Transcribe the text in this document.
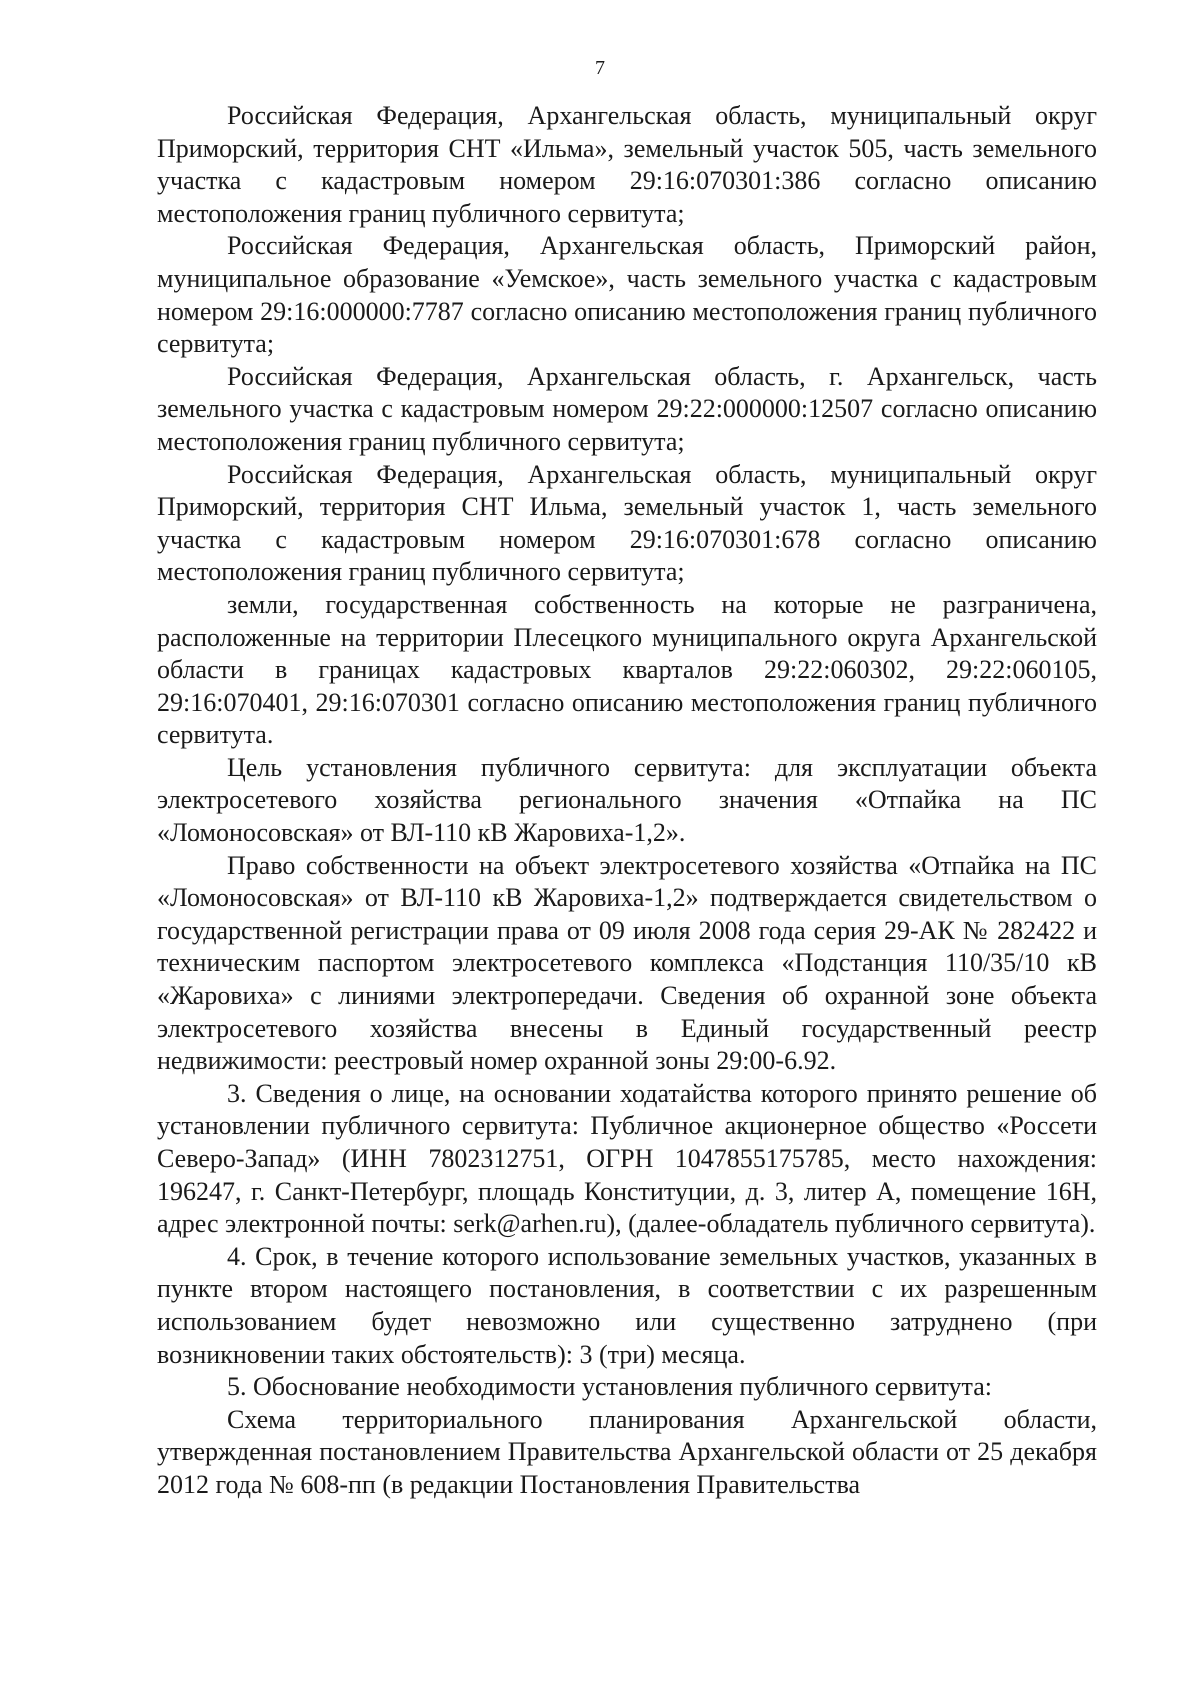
7

Российская Федерация, Архангельская область, муниципальный округ Приморский, территория СНТ «Ильма», земельный участок 505, часть земельного участка с кадастровым номером 29:16:070301:386 согласно описанию местоположения границ публичного сервитута;

Российская Федерация, Архангельская область, Приморский район, муниципальное образование «Уемское», часть земельного участка с кадастровым номером 29:16:000000:7787 согласно описанию местоположения границ публичного сервитута;

Российская Федерация, Архангельская область, г. Архангельск, часть земельного участка с кадастровым номером 29:22:000000:12507 согласно описанию местоположения границ публичного сервитута;

Российская Федерация, Архангельская область, муниципальный округ Приморский, территория СНТ Ильма, земельный участок 1, часть земельного участка с кадастровым номером 29:16:070301:678 согласно описанию местоположения границ публичного сервитута;

земли, государственная собственность на которые не разграничена, расположенные на территории Плесецкого муниципального округа Архангельской области в границах кадастровых кварталов 29:22:060302, 29:22:060105, 29:16:070401, 29:16:070301 согласно описанию местоположения границ публичного сервитута.

Цель установления публичного сервитута: для эксплуатации объекта электросетевого хозяйства регионального значения «Отпайка на ПС «Ломоносовская» от ВЛ-110 кВ Жаровиха-1,2».

Право собственности на объект электросетевого хозяйства «Отпайка на ПС «Ломоносовская» от ВЛ-110 кВ Жаровиха-1,2» подтверждается свидетельством о государственной регистрации права от 09 июля 2008 года серия 29-АК № 282422 и техническим паспортом электросетевого комплекса «Подстанция 110/35/10 кВ «Жаровиха» с линиями электропередачи. Сведения об охранной зоне объекта электросетевого хозяйства внесены в Единый государственный реестр недвижимости: реестровый номер охранной зоны 29:00-6.92.

3. Сведения о лице, на основании ходатайства которого принято решение об установлении публичного сервитута: Публичное акционерное общество «Россети Северо-Запад» (ИНН 7802312751, ОГРН 1047855175785, место нахождения: 196247, г. Санкт-Петербург, площадь Конституции, д. 3, литер А, помещение 16Н, адрес электронной почты: serk@arhen.ru), (далее-обладатель публичного сервитута).

4. Срок, в течение которого использование земельных участков, указанных в пункте втором настоящего постановления, в соответствии с их разрешенным использованием будет невозможно или существенно затруднено (при возникновении таких обстоятельств): 3 (три) месяца.

5. Обоснование необходимости установления публичного сервитута:

Схема территориального планирования Архангельской области, утвержденная постановлением Правительства Архангельской области от 25 декабря 2012 года № 608-пп (в редакции Постановления Правительства
